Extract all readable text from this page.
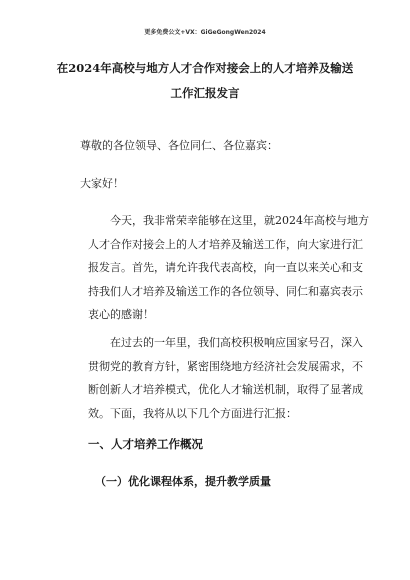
更多免费公文+VX：GiGeGongWen2024
在2024年高校与地方人才合作对接会上的人才培养及输送
工作汇报发言

尊敬的各位领导、各位同仁、各位嘉宾：

大家好！

今天，我非常荣幸能够在这里，就2024年高校与地方
人才合作对接会上的人才培养及输送工作，向大家进行汇
报发言。首先，请允许我代表高校，向一直以来关心和支
持我们人才培养及输送工作的各位领导、同仁和嘉宾表示
衷心的感谢！
在过去的一年里，我们高校积极响应国家号召，深入
贯彻党的教育方针，紧密围绕地方经济社会发展需求，不
断创新人才培养模式，优化人才输送机制，取得了显著成
效。下面，我将从以下几个方面进行汇报：
一、人才培养工作概况
（一）优化课程体系，提升教学质量
